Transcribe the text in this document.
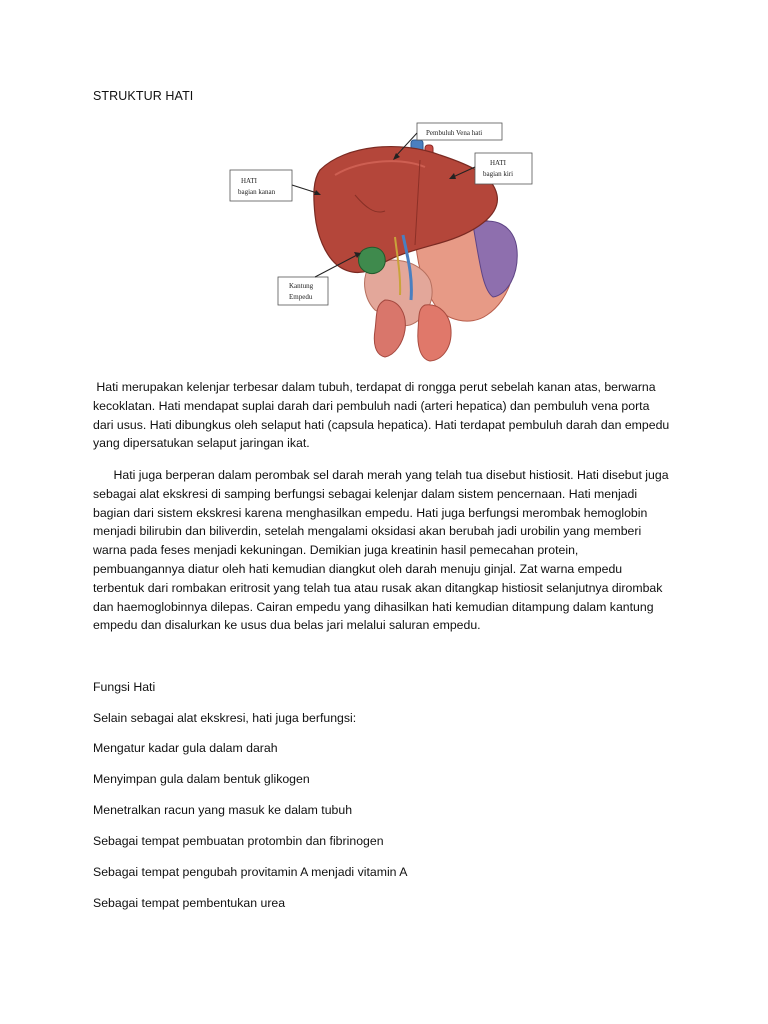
STRUKTUR HATI
Pembuluh Vena hati
HATI
bagian kanan
HATI
bagian kiri
Kantung
Empedu

Hati merupakan kelenjar terbesar dalam tubuh, terdapat di rongga perut sebelah kanan atas, berwarna kecoklatan. Hati mendapat suplai darah dari pembuluh nadi (arteri hepatica) dan pembuluh vena porta dari usus. Hati dibungkus oleh selaput hati (capsula hepatica). Hati terdapat pembuluh darah dan empedu yang dipersatukan selaput jaringan ikat.

Hati juga berperan dalam perombak sel darah merah yang telah tua disebut histiosit. Hati disebut juga sebagai alat ekskresi di samping berfungsi sebagai kelenjar dalam sistem pencernaan. Hati menjadi bagian dari sistem ekskresi karena menghasilkan empedu. Hati juga berfungsi merombak hemoglobin menjadi bilirubin dan biliverdin, setelah mengalami oksidasi akan berubah jadi urobilin yang memberi warna pada feses menjadi kekuningan. Demikian juga kreatinin hasil pemecahan protein, pembuangannya diatur oleh hati kemudian diangkut oleh darah menuju ginjal. Zat warna empedu terbentuk dari rombakan eritrosit yang telah tua atau rusak akan ditangkap histiosit selanjutnya dirombak dan haemoglobinnya dilepas. Cairan empedu yang dihasilkan hati kemudian ditampung dalam kantung empedu dan disalurkan ke usus dua belas jari melalui saluran empedu.

Fungsi Hati

Selain sebagai alat ekskresi, hati juga berfungsi:

Mengatur kadar gula dalam darah
Menyimpan gula dalam bentuk glikogen
Menetralkan racun yang masuk ke dalam tubuh
Sebagai tempat pembuatan protombin dan fibrinogen
Sebagai tempat pengubah provitamin A menjadi vitamin A
Sebagai tempat pembentukan urea
